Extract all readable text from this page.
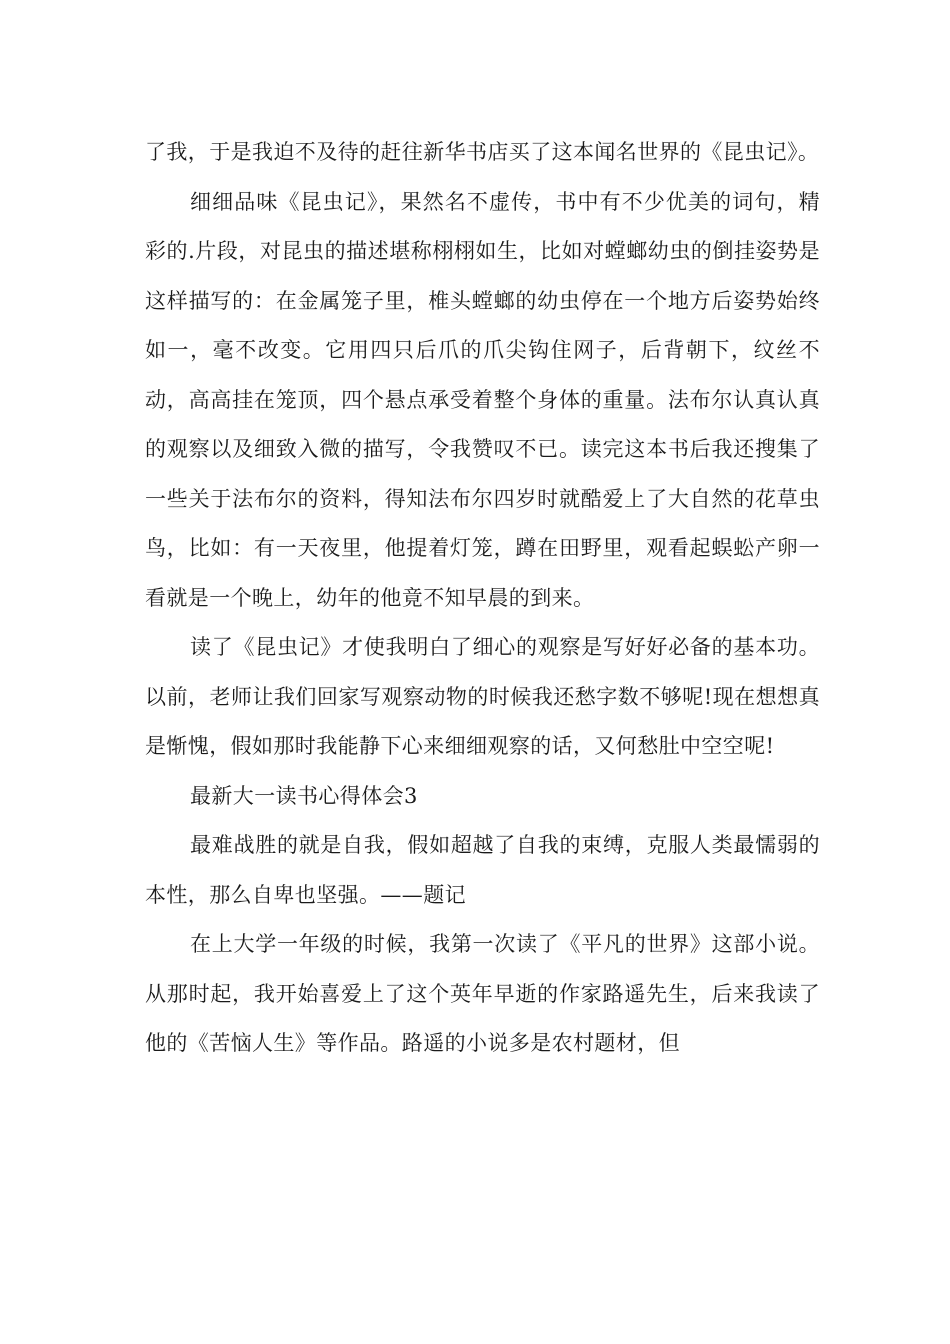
了我，于是我迫不及待的赶往新华书店买了这本闻名世界的《昆虫记》。

细细品味《昆虫记》，果然名不虚传，书中有不少优美的词句，精彩的.片段，对昆虫的描述堪称栩栩如生，比如对螳螂幼虫的倒挂姿势是这样描写的：在金属笼子里，椎头螳螂的幼虫停在一个地方后姿势始终如一，毫不改变。它用四只后爪的爪尖钩住网子，后背朝下，纹丝不动，高高挂在笼顶，四个悬点承受着整个身体的重量。法布尔认真认真的观察以及细致入微的描写，令我赞叹不已。读完这本书后我还搜集了一些关于法布尔的资料，得知法布尔四岁时就酷爱上了大自然的花草虫鸟，比如：有一天夜里，他提着灯笼，蹲在田野里，观看起蜈蚣产卵一看就是一个晚上，幼年的他竟不知早晨的到来。

读了《昆虫记》才使我明白了细心的观察是写好好必备的基本功。以前，老师让我们回家写观察动物的时候我还愁字数不够呢!现在想想真是惭愧，假如那时我能静下心来细细观察的话，又何愁肚中空空呢!

最新大一读书心得体会3

最难战胜的就是自我，假如超越了自我的束缚，克服人类最懦弱的本性，那么自卑也坚强。——题记

在上大学一年级的时候，我第一次读了《平凡的世界》这部小说。从那时起，我开始喜爱上了这个英年早逝的作家路遥先生，后来我读了他的《苦恼人生》等作品。路遥的小说多是农村题材，但
